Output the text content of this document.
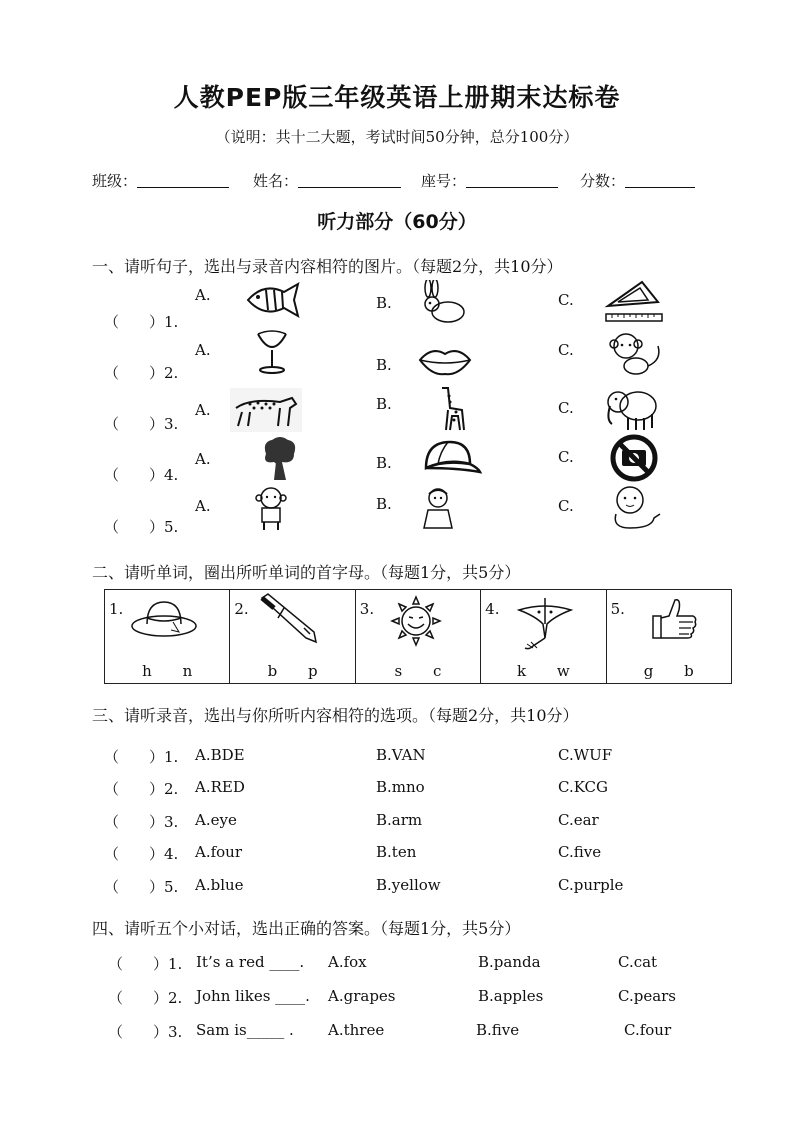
人教PEP版三年级英语上册期末达标卷
（说明：共十二大题，考试时间50分钟，总分100分）
班级：	姓名：	座号：	分数：
听力部分（60分）
一、请听句子，选出与录音内容相符的图片。（每题2分，共10分）
（　　）1.
A.	B.	C.
（　　）2.
A.
B.
C.
（　　）3.
A.	B.	C.
（　　）4.
A.	B.	C.
（　　）5.
A.	B.	C.
二、请听单词，圈出所听单词的首字母。（每题1分，共5分）
1.
h n

2.
b p

3.
s c

4.
k w

5.
g b
三、请听录音，选出与你所听内容相符的选项。（每题2分，共10分）
（　　）1. A.BDE	B.VAN	C.WUF
（　　）2. A.RED	B.mno	C.KCG
（　　）3. A.eye	B.arm	C.ear
（　　）4. A.four	B.ten	C.five
（　　）5. A.blue	B.yellow	C.purple
四、请听五个小对话，选出正确的答案。（每题1分，共5分）
（　　）1. It’s a red ____. A.fox	B.panda	C.cat
（　　）2. John likes ____. A.grapes	B.apples	C.pears
（　　）3. Sam is_____ . A.three	B.five	C.four
